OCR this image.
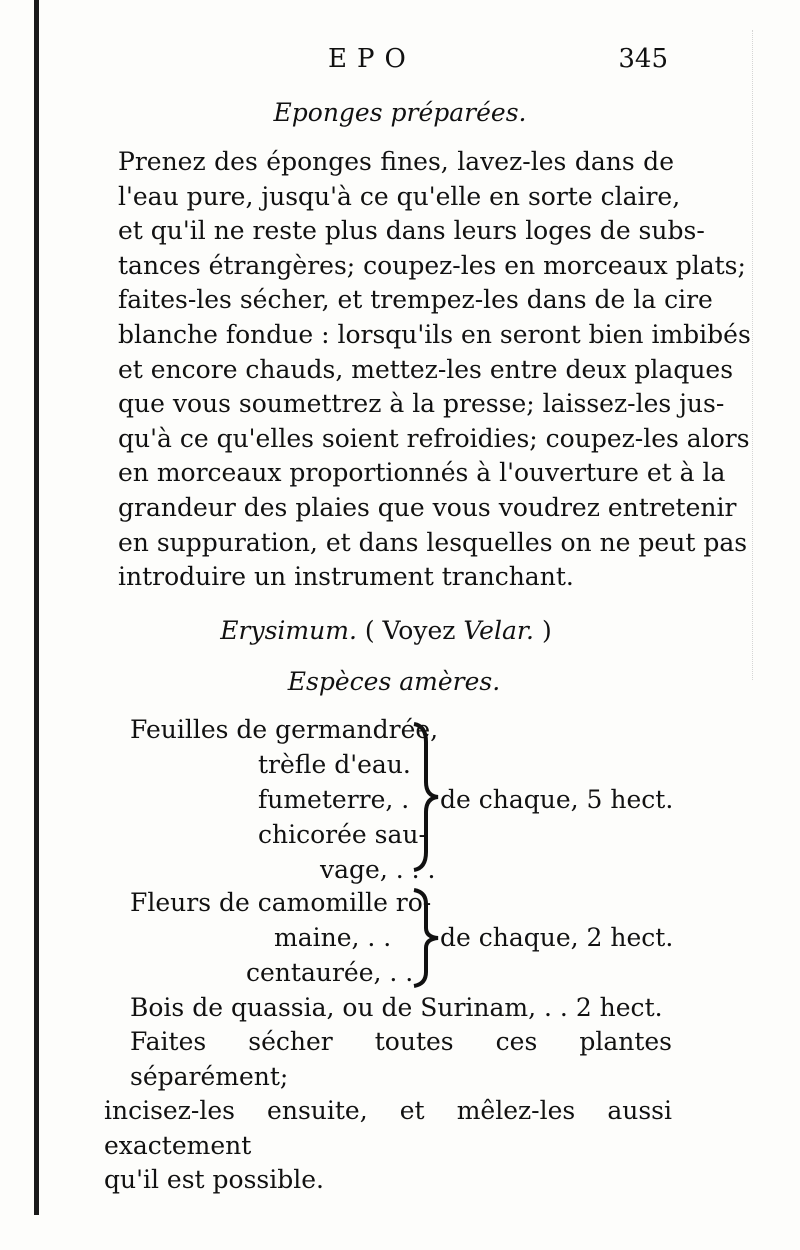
EPO	345
Eponges préparées.
Prenez des éponges fines, lavez-les dans de
l'eau pure, jusqu'à ce qu'elle en sorte claire,
et qu'il ne reste plus dans leurs loges de subs-
tances étrangères; coupez-les en morceaux plats;
faites-les sécher, et trempez-les dans de la cire
blanche fondue : lorsqu'ils en seront bien imbibés
et encore chauds, mettez-les entre deux plaques
que vous soumettrez à la presse; laissez-les jus-
qu'à ce qu'elles soient refroidies; coupez-les alors
en morceaux proportionnés à l'ouverture et à la
grandeur des plaies que vous voudrez entretenir
en suppuration, et dans lesquelles on ne peut pas
introduire un instrument tranchant.
Erysimum. ( Voyez Velar. )
Espèces amères.
Feuilles de germandrée,
trèfle d'eau.
fumeterre, .
chicorée sau-
vage, . . .
de chaque, 5 hect.
Fleurs de camomille ro-
maine, . .
centaurée, . .
de chaque, 2 hect.
Bois de quassia, ou de Surinam, . . 2 hect.
Faites sécher toutes ces plantes séparément;
incisez-les ensuite, et mêlez-les aussi exactement
qu'il est possible.
